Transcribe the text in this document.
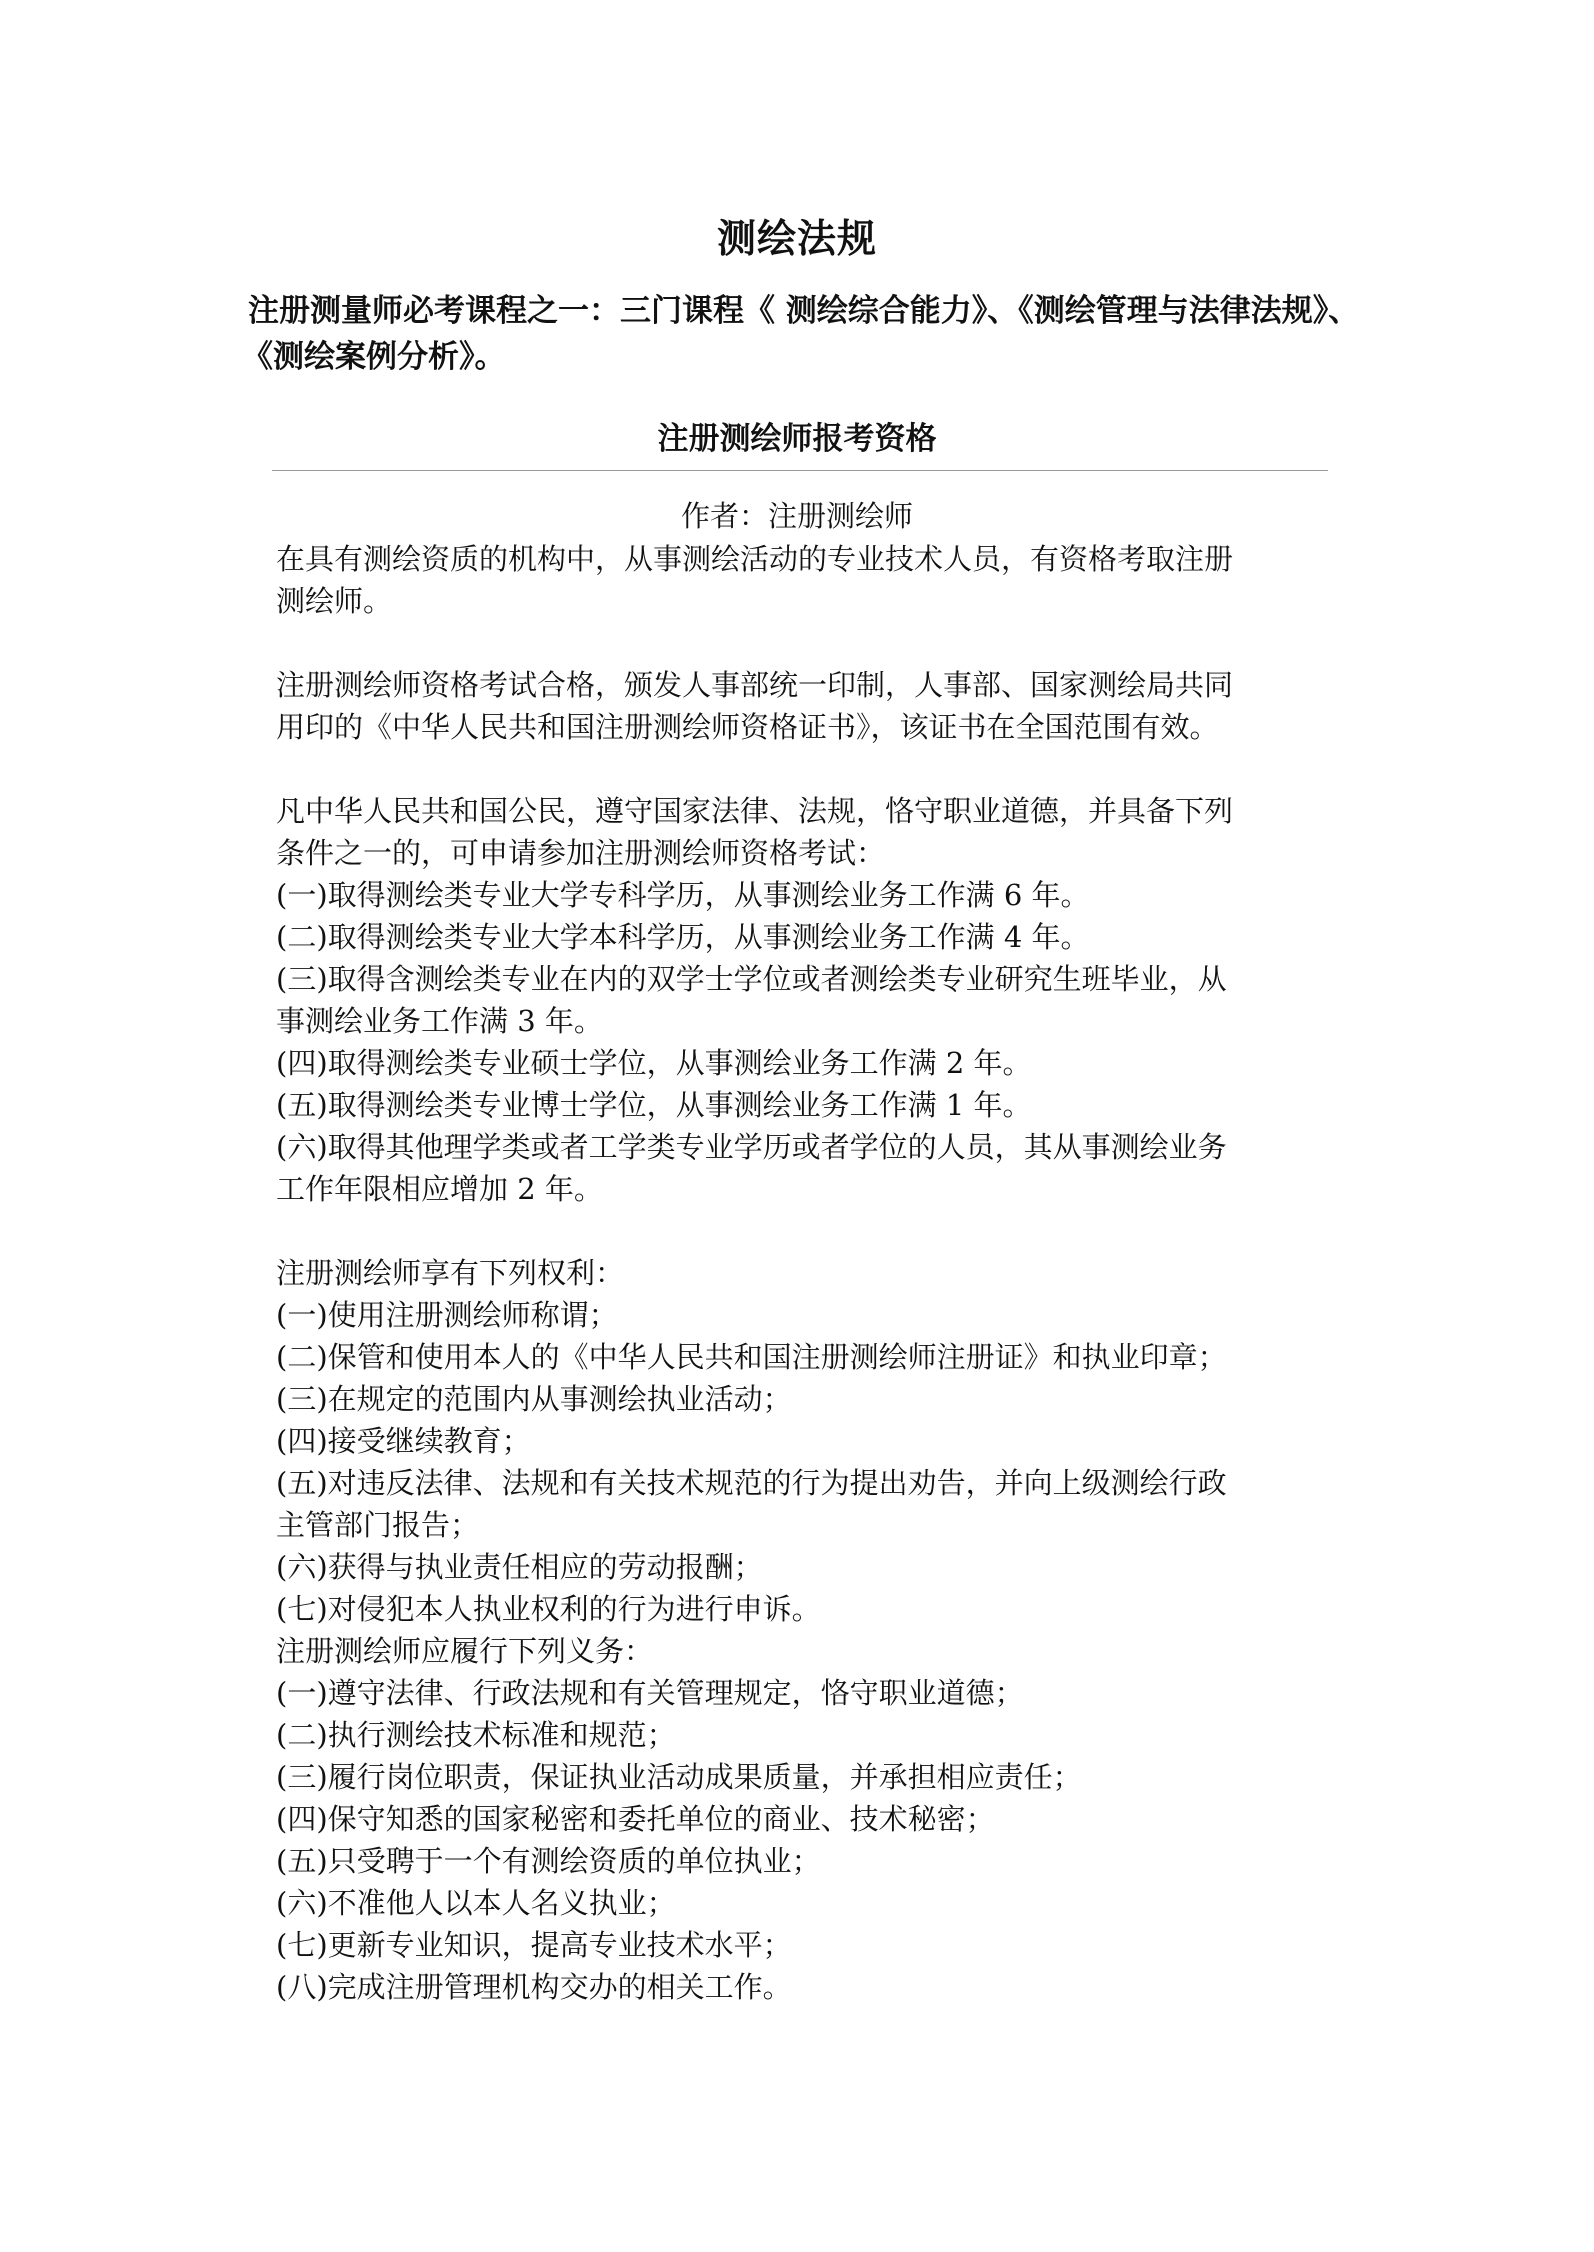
测绘法规
注册测量师必考课程之一：三门课程《 测绘综合能力》、《测绘管理与法律法规》、
《测绘案例分析》。
注册测绘师报考资格
作者：注册测绘师
在具有测绘资质的机构中，从事测绘活动的专业技术人员，有资格考取注册
测绘师。
注册测绘师资格考试合格，颁发人事部统一印制，人事部、国家测绘局共同
用印的《中华人民共和国注册测绘师资格证书》，该证书在全国范围有效。
凡中华人民共和国公民，遵守国家法律、法规，恪守职业道德，并具备下列
条件之一的，可申请参加注册测绘师资格考试：
(一)取得测绘类专业大学专科学历，从事测绘业务工作满 6 年。
(二)取得测绘类专业大学本科学历，从事测绘业务工作满 4 年。
(三)取得含测绘类专业在内的双学士学位或者测绘类专业研究生班毕业，从
事测绘业务工作满 3 年。
(四)取得测绘类专业硕士学位，从事测绘业务工作满 2 年。
(五)取得测绘类专业博士学位，从事测绘业务工作满 1 年。
(六)取得其他理学类或者工学类专业学历或者学位的人员，其从事测绘业务
工作年限相应增加 2 年。
注册测绘师享有下列权利：
(一)使用注册测绘师称谓；
(二)保管和使用本人的《中华人民共和国注册测绘师注册证》和执业印章；
(三)在规定的范围内从事测绘执业活动；
(四)接受继续教育；
(五)对违反法律、法规和有关技术规范的行为提出劝告，并向上级测绘行政
主管部门报告；
(六)获得与执业责任相应的劳动报酬；
(七)对侵犯本人执业权利的行为进行申诉。
注册测绘师应履行下列义务：
(一)遵守法律、行政法规和有关管理规定，恪守职业道德；
(二)执行测绘技术标准和规范；
(三)履行岗位职责，保证执业活动成果质量，并承担相应责任；
(四)保守知悉的国家秘密和委托单位的商业、技术秘密；
(五)只受聘于一个有测绘资质的单位执业；
(六)不准他人以本人名义执业；
(七)更新专业知识，提高专业技术水平；
(八)完成注册管理机构交办的相关工作。
